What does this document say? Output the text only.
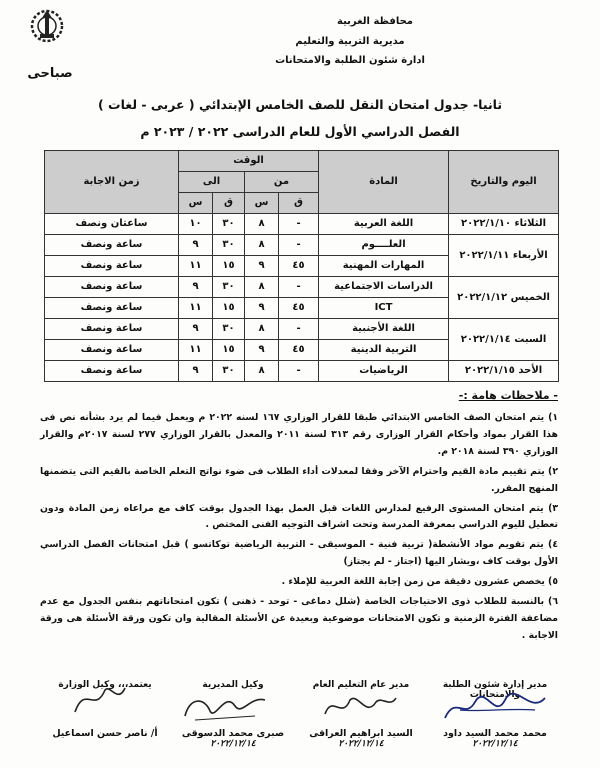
صباحى
محافظة الغربية
مديرية التربية والتعليم
ادارة شئون الطلبة والامتحانات
ثانيا- جدول امتحان النقل للصف الخامس الإبتدائي ( عربى - لغات )
الفصل الدراسي الأول للعام الدراسى ٢٠٢٢ / ٢٠٢٣ م
اليوم والتاريخ	المادة	الوقت				زمن الاجابة
		من		الى		
		ق	س	ق	س	
الثلاثاء ٢٠٢٢/١/١٠	اللغة العربية	-	٨	٣٠	١٠	ساعتان ونصف
الأربعاء ٢٠٢٢/١/١١	العلــــوم	-	٨	٣٠	٩	ساعة ونصف
	المهارات المهنية	٤٥	٩	١٥	١١	ساعة ونصف
الخميس ٢٠٢٢/١/١٢	الدراسات الاجتماعية	-	٨	٣٠	٩	ساعة ونصف
	ICT	٤٥	٩	١٥	١١	ساعة ونصف
السبت ٢٠٢٢/١/١٤	اللغة الأجنبية	-	٨	٣٠	٩	ساعة ونصف
	التربية الدينية	٤٥	٩	١٥	١١	ساعة ونصف
الأحد ٢٠٢٢/١/١٥	الرياضيات	-	٨	٣٠	٩	ساعة ونصف
- ملاحظات هامة :-

١) يتم امتحان الصف الخامس الابتدائي طبقا للقرار الوزاري ١٦٧ لسنه ٢٠٢٢ م ويعمل فيما لم يرد بشأنه نص فى هذا القرار بمواد وأحكام القرار الوزارى رقم ٣١٣ لسنة ٢٠١١ والمعدل بالقرار الوزاري ٢٧٧ لسنة ٢٠١٧م والقرار الوزاري ٣٩٠ لسنة ٢٠١٨ م.

٢) يتم تقييم مادة القيم واحترام الآخر وفقا لمعدلات أداء الطلاب فى ضوء نواتج التعلم الخاصة بالقيم التى يتضمنها المنهج المقرر.

٣) يتم امتحان المستوى الرفيع لمدارس اللغات قبل العمل بهذا الجدول بوقت كاف مع مراعاه زمن المادة ودون تعطيل لليوم الدراسي بمعرفة المدرسة وتحت اشراف التوجيه الفنى المختص .

٤) يتم تقويم مواد الأنشطة( تربية فنية - الموسيقى - التربية الرياضية توكاتسو ) قبل امتحانات الفصل الدراسي الأول بوقت كاف ،ويشار اليها (اجتاز - لم يجتاز)

٥) يخصص عشرون دقيقة من زمن إجابة اللغة العربية للإملاء .

٦) بالنسبة للطلاب ذوى الاحتياجات الخاصة (شلل دماغى - توحد - ذهنى ) تكون امتحاناتهم بنفس الجدول مع عدم مضاعفة الفترة الزمنية و تكون الامتحانات موضوعية وبعيدة عن الأسئلة المقالية وان تكون ورقة الأسئلة هى ورقة الاجابة .

مدير إدارة شئون الطلبة والامتحانات
محمد محمد السيد داود
٢٠٢٢/١٢/١٤
مدير عام التعليم العام
السيد ابراهيم العراقى
٢٠٢٢/١٢/١٤
وكيل المديرية
صبرى محمد الدسوقى
٢٠٢٢/١٢/١٤
يعتمد،،، وكيل الوزارة
أ/ ناصر حسن اسماعيل
